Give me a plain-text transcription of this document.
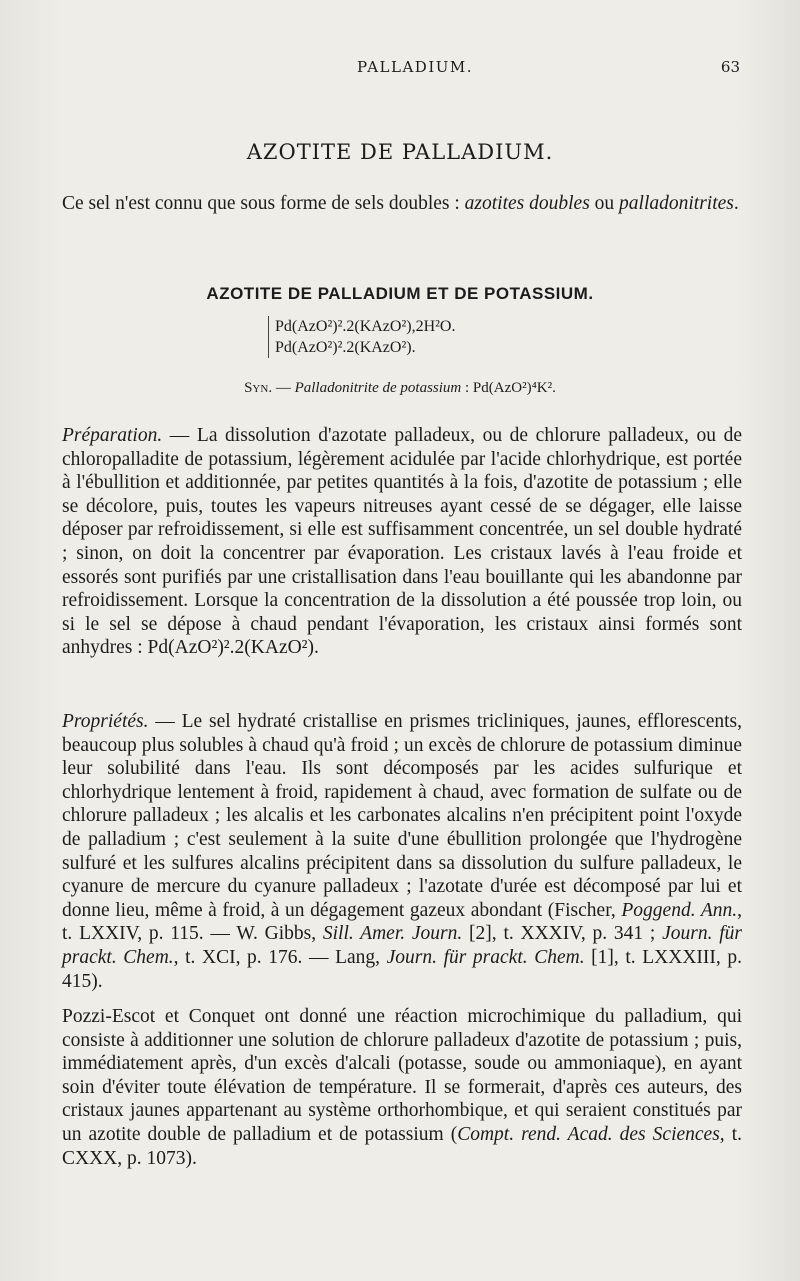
PALLADIUM.	63
AZOTITE DE PALLADIUM.

Ce sel n'est connu que sous forme de sels doubles : azotites doubles ou palladonitrites.

AZOTITE DE PALLADIUM ET DE POTASSIUM.
Pd(AzO²)².2(KAzO²),2H²O.
Pd(AzO²)².2(KAzO²).
Syn. — Palladonitrite de potassium : Pd(AzO²)⁴K².

Préparation. — La dissolution d'azotate palladeux, ou de chlorure palladeux, ou de chloropalladite de potassium, légèrement acidulée par l'acide chlorhydrique, est portée à l'ébullition et additionnée, par petites quantités à la fois, d'azotite de potassium ; elle se décolore, puis, toutes les vapeurs nitreuses ayant cessé de se dégager, elle laisse déposer par refroidissement, si elle est suffisamment concentrée, un sel double hydraté ; sinon, on doit la concentrer par évaporation. Les cristaux lavés à l'eau froide et essorés sont purifiés par une cristallisation dans l'eau bouillante qui les abandonne par refroidissement. Lorsque la concentration de la dissolution a été poussée trop loin, ou si le sel se dépose à chaud pendant l'évaporation, les cristaux ainsi formés sont anhydres : Pd(AzO²)².2(KAzO²).

Propriétés. — Le sel hydraté cristallise en prismes tricliniques, jaunes, efflorescents, beaucoup plus solubles à chaud qu'à froid ; un excès de chlorure de potassium diminue leur solubilité dans l'eau. Ils sont décomposés par les acides sulfurique et chlorhydrique lentement à froid, rapidement à chaud, avec formation de sulfate ou de chlorure palladeux ; les alcalis et les carbonates alcalins n'en précipitent point l'oxyde de palladium ; c'est seulement à la suite d'une ébullition prolongée que l'hydrogène sulfuré et les sulfures alcalins précipitent dans sa dissolution du sulfure palladeux, le cyanure de mercure du cyanure palladeux ; l'azotate d'urée est décomposé par lui et donne lieu, même à froid, à un dégagement gazeux abondant (Fischer, Poggend. Ann., t. LXXIV, p. 115. — W. Gibbs, Sill. Amer. Journ. [2], t. XXXIV, p. 341 ; Journ. für prackt. Chem., t. XCI, p. 176. — Lang, Journ. für prackt. Chem. [1], t. LXXXIII, p. 415).

Pozzi-Escot et Conquet ont donné une réaction microchimique du palladium, qui consiste à additionner une solution de chlorure palladeux d'azotite de potassium ; puis, immédiatement après, d'un excès d'alcali (potasse, soude ou ammoniaque), en ayant soin d'éviter toute élévation de température. Il se formerait, d'après ces auteurs, des cristaux jaunes appartenant au système orthorhombique, et qui seraient constitués par un azotite double de palladium et de potassium (Compt. rend. Acad. des Sciences, t. CXXX, p. 1073).
